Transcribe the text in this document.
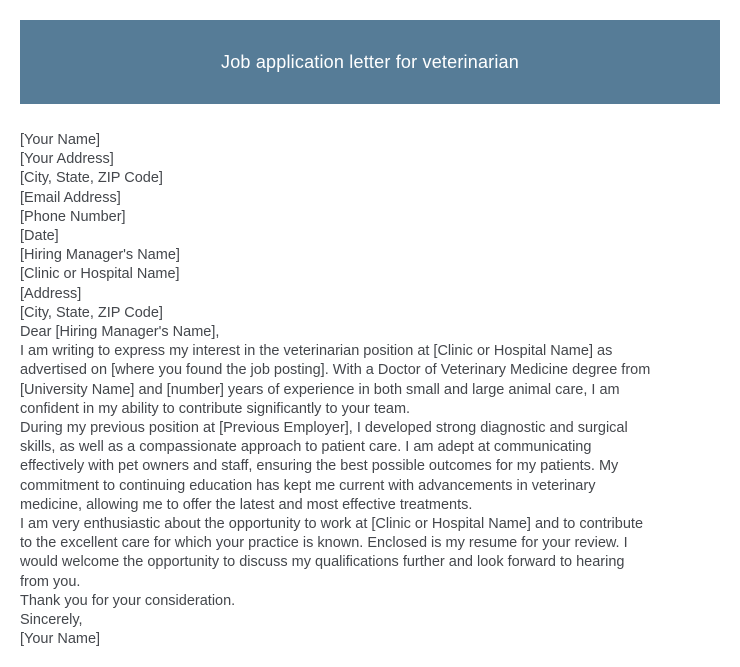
Job application letter for veterinarian
[Your Name]
[Your Address]
[City, State, ZIP Code]
[Email Address]
[Phone Number]
[Date]
[Hiring Manager's Name]
[Clinic or Hospital Name]
[Address]
[City, State, ZIP Code]
Dear [Hiring Manager's Name],
I am writing to express my interest in the veterinarian position at [Clinic or Hospital Name] as
advertised on [where you found the job posting]. With a Doctor of Veterinary Medicine degree from
[University Name] and [number] years of experience in both small and large animal care, I am
confident in my ability to contribute significantly to your team.
During my previous position at [Previous Employer], I developed strong diagnostic and surgical
skills, as well as a compassionate approach to patient care. I am adept at communicating
effectively with pet owners and staff, ensuring the best possible outcomes for my patients. My
commitment to continuing education has kept me current with advancements in veterinary
medicine, allowing me to offer the latest and most effective treatments.
I am very enthusiastic about the opportunity to work at [Clinic or Hospital Name] and to contribute
to the excellent care for which your practice is known. Enclosed is my resume for your review. I
would welcome the opportunity to discuss my qualifications further and look forward to hearing
from you.
Thank you for your consideration.
Sincerely,
[Your Name]
